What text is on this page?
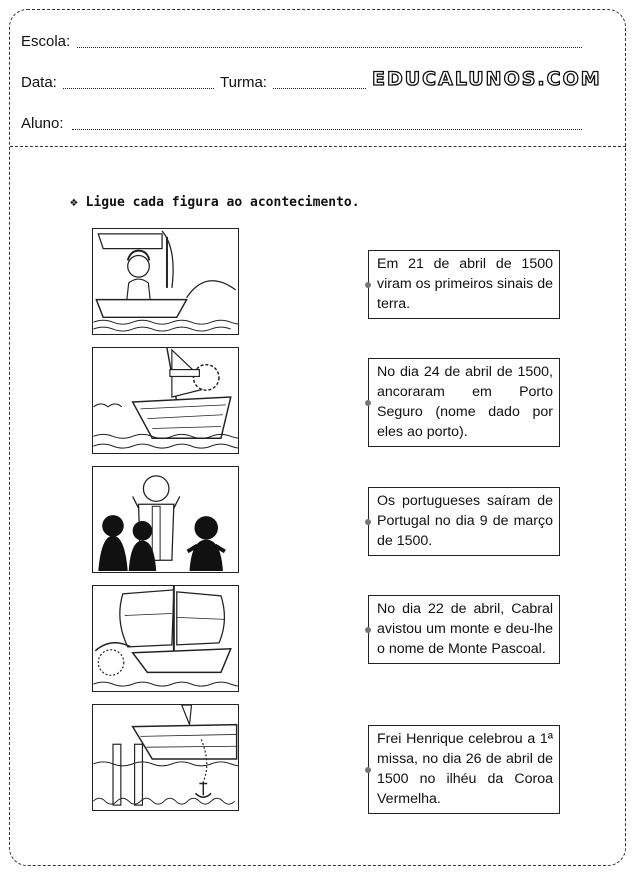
Escola:
Data:	Turma:	EDUCALUNOS.COM
Aluno:
❖ Ligue cada figura ao acontecimento.
Em 21 de abril de 1500 viram os primeiros sinais de terra.
No dia 24 de abril de 1500, ancoraram em Porto Seguro (nome dado por eles ao porto).
Os portugueses saíram de Portugal no dia 9 de março de 1500.
No dia 22 de abril, Cabral avistou um monte e deu-lhe o nome de Monte Pascoal.
Frei Henrique celebrou a 1ª missa, no dia 26 de abril de 1500 no ilhéu da Coroa Vermelha.
